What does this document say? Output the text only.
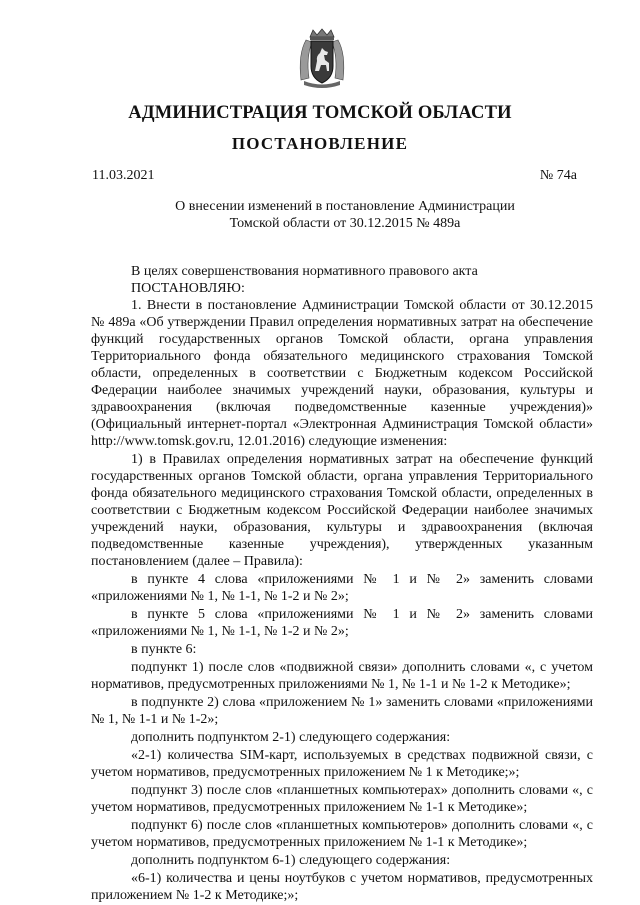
АДМИНИСТРАЦИЯ ТОМСКОЙ ОБЛАСТИ
ПОСТАНОВЛЕНИЕ
11.03.2021	№ 74а
О внесении изменений в постановление Администрации
Томской области от 30.12.2015 № 489а

В целях совершенствования нормативного правового акта

ПОСТАНОВЛЯЮ:

1. Внести в постановление Администрации Томской области от 30.12.2015 № 489а «Об утверждении Правил определения нормативных затрат на обеспечение функций государственных органов Томской области, органа управления Территориального фонда обязательного медицинского страхования Томской области, определенных в соответствии с Бюджетным кодексом Российской Федерации наиболее значимых учреждений науки, образования, культуры и здравоохранения (включая подведомственные казенные учреждения)» (Официальный интернет-портал «Электронная Администрация Томской области» http://www.tomsk.gov.ru, 12.01.2016) следующие изменения:

1) в Правилах определения нормативных затрат на обеспечение функций государственных органов Томской области, органа управления Территориального фонда обязательного медицинского страхования Томской области, определенных в соответствии с Бюджетным кодексом Российской Федерации наиболее значимых учреждений науки, образования, культуры и здравоохранения (включая подведомственные казенные учреждения), утвержденных указанным постановлением (далее – Правила):

в пункте 4 слова «приложениями № 1 и № 2» заменить словами «приложениями № 1, № 1-1, № 1-2 и № 2»;

в пункте 5 слова «приложениями № 1 и № 2» заменить словами «приложениями № 1, № 1-1, № 1-2 и № 2»;

в пункте 6:

подпункт 1) после слов «подвижной связи» дополнить словами «, с учетом нормативов, предусмотренных приложениями № 1, № 1-1 и № 1-2 к Методике»;

в подпункте 2) слова «приложением № 1» заменить словами «приложениями № 1, № 1-1 и № 1-2»;

дополнить подпунктом 2-1) следующего содержания:

«2-1) количества SIM-карт, используемых в средствах подвижной связи, с учетом нормативов, предусмотренных приложением № 1 к Методике;»;

подпункт 3) после слов «планшетных компьютерах» дополнить словами «, с учетом нормативов, предусмотренных приложением № 1-1 к Методике»;

подпункт 6) после слов «планшетных компьютеров» дополнить словами «, с учетом нормативов, предусмотренных приложением № 1-1 к Методике»;

дополнить подпунктом 6-1) следующего содержания:

«6-1) количества и цены ноутбуков с учетом нормативов, предусмотренных приложением № 1-2 к Методике;»;
